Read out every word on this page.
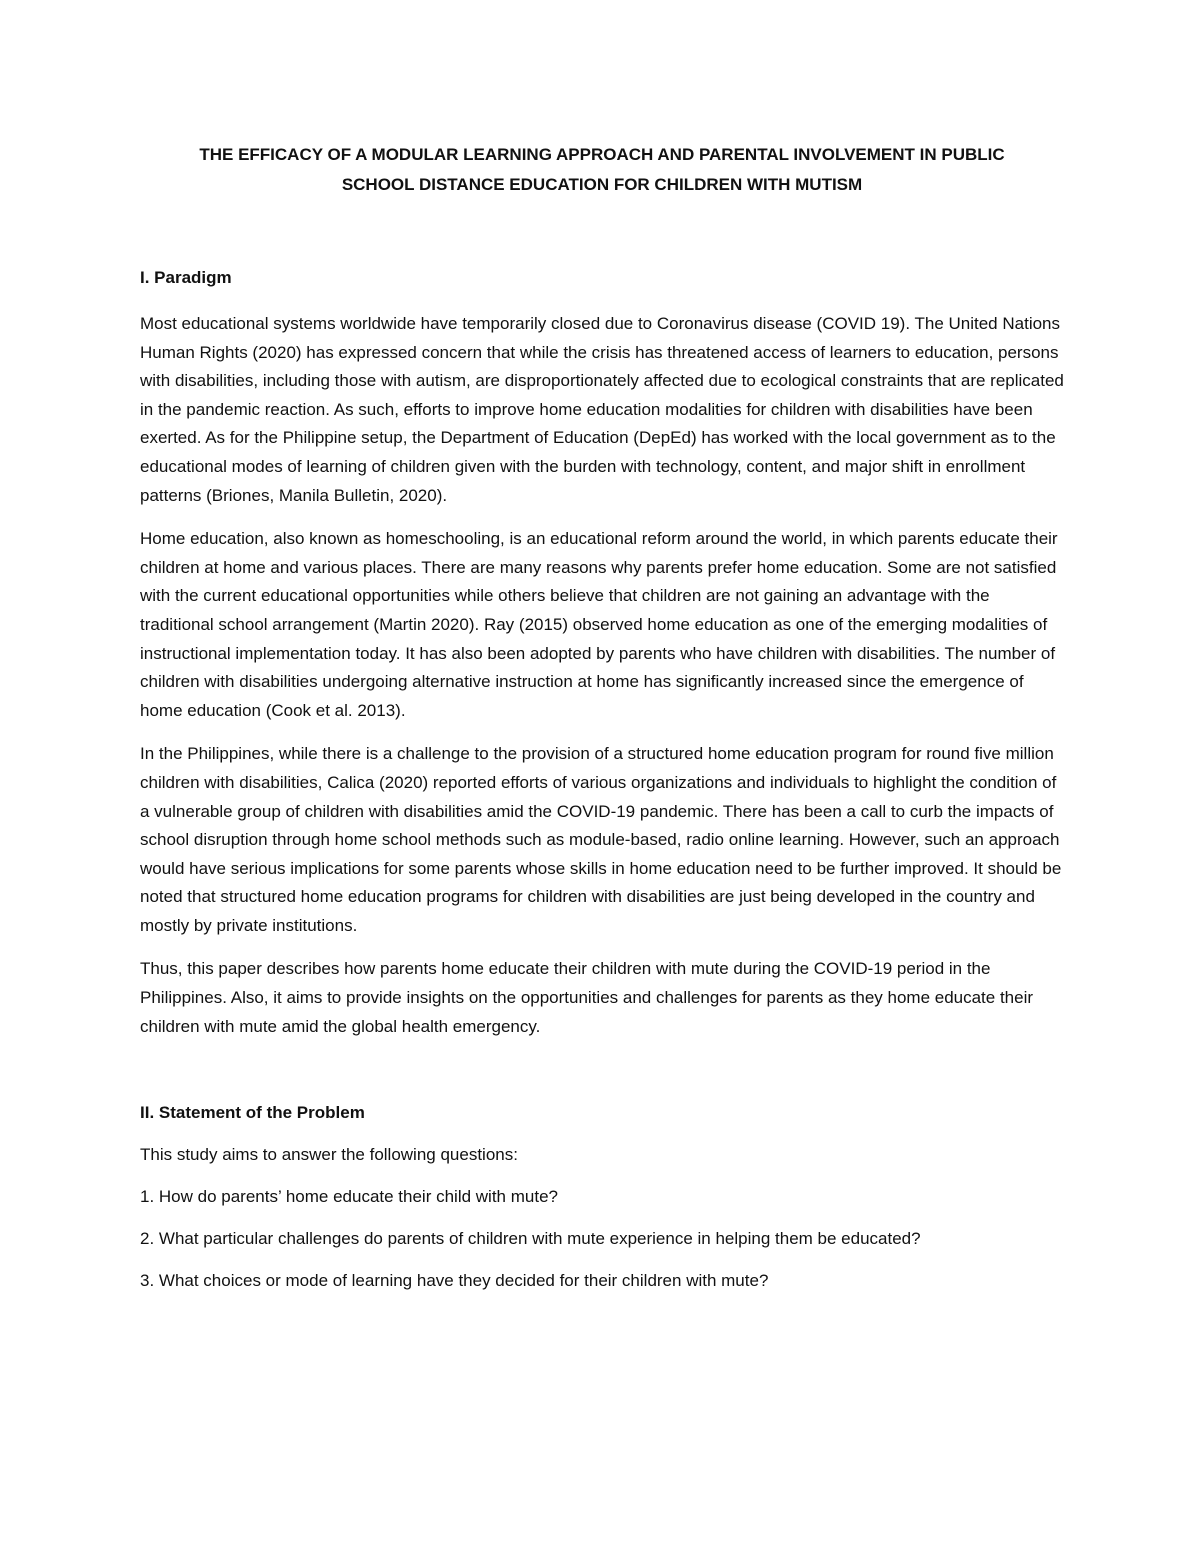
THE EFFICACY OF A MODULAR LEARNING APPROACH AND PARENTAL INVOLVEMENT IN PUBLIC
SCHOOL DISTANCE EDUCATION FOR CHILDREN WITH MUTISM
I. Paradigm

Most educational systems worldwide have temporarily closed due to Coronavirus disease (COVID 19). The United Nations Human Rights (2020) has expressed concern that while the crisis has threatened access of learners to education, persons with disabilities, including those with autism, are disproportionately affected due to ecological constraints that are replicated in the pandemic reaction. As such, efforts to improve home education modalities for children with disabilities have been exerted. As for the Philippine setup, the Department of Education (DepEd) has worked with the local government as to the educational modes of learning of children given with the burden with technology, content, and major shift in enrollment patterns (Briones, Manila Bulletin, 2020).

Home education, also known as homeschooling, is an educational reform around the world, in which parents educate their children at home and various places. There are many reasons why parents prefer home education. Some are not satisfied with the current educational opportunities while others believe that children are not gaining an advantage with the traditional school arrangement (Martin 2020). Ray (2015) observed home education as one of the emerging modalities of instructional implementation today. It has also been adopted by parents who have children with disabilities. The number of children with disabilities undergoing alternative instruction at home has significantly increased since the emergence of home education (Cook et al. 2013).

In the Philippines, while there is a challenge to the provision of a structured home education program for round five million children with disabilities, Calica (2020) reported efforts of various organizations and individuals to highlight the condition of a vulnerable group of children with disabilities amid the COVID-19 pandemic. There has been a call to curb the impacts of school disruption through home school methods such as module-based, radio online learning. However, such an approach would have serious implications for some parents whose skills in home education need to be further improved. It should be noted that structured home education programs for children with disabilities are just being developed in the country and mostly by private institutions.

Thus, this paper describes how parents home educate their children with mute during the COVID-19 period in the Philippines. Also, it aims to provide insights on the opportunities and challenges for parents as they home educate their children with mute amid the global health emergency.

II. Statement of the Problem

This study aims to answer the following questions:

1. How do parents’ home educate their child with mute?

2. What particular challenges do parents of children with mute experience in helping them be educated?

3. What choices or mode of learning have they decided for their children with mute?
